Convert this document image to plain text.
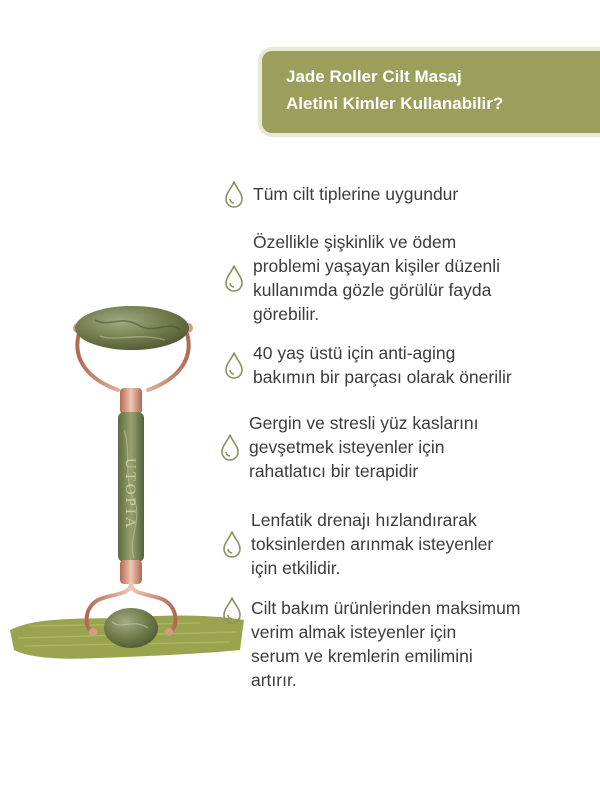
Jade Roller Cilt Masaj
Aletini Kimler Kullanabilir?

UTOPIA

Tüm cilt tiplerine uygundur

Özellikle şişkinlik ve ödem
problemi yaşayan kişiler düzenli
kullanımda gözle görülür fayda
görebilir.

40 yaş üstü için anti-aging
bakımın bir parçası olarak önerilir

Gergin ve stresli yüz kaslarını
gevşetmek isteyenler için
rahatlatıcı bir terapidir

Lenfatik drenajı hızlandırarak
toksinlerden arınmak isteyenler
için etkilidir.

Cilt bakım ürünlerinden maksimum
verim almak isteyenler için
serum ve kremlerin emilimini
artırır.
